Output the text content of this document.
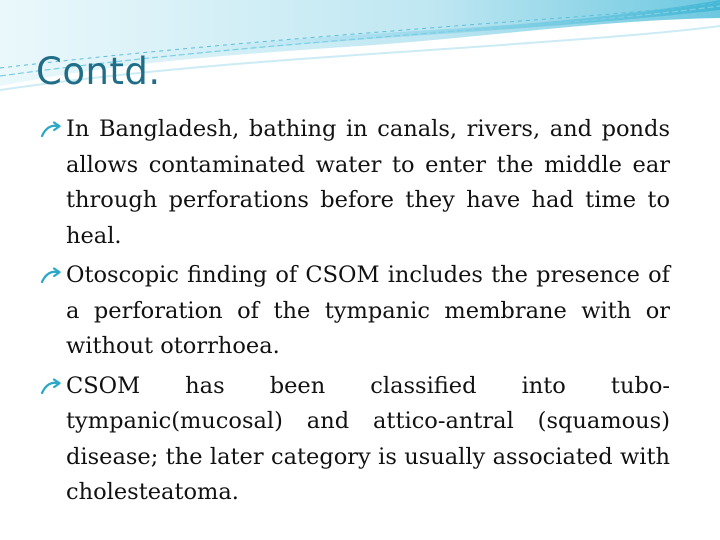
Contd.
In Bangladesh, bathing in canals, rivers, and ponds allows contaminated water to enter the middle ear through perforations before they have had time to heal.
Otoscopic finding of CSOM includes the presence of a perforation of the tympanic membrane with or without otorrhoea.
CSOM has been classified into tubo-tympanic(mucosal) and attico-antral (squamous) disease; the later category is usually associated with cholesteatoma.
